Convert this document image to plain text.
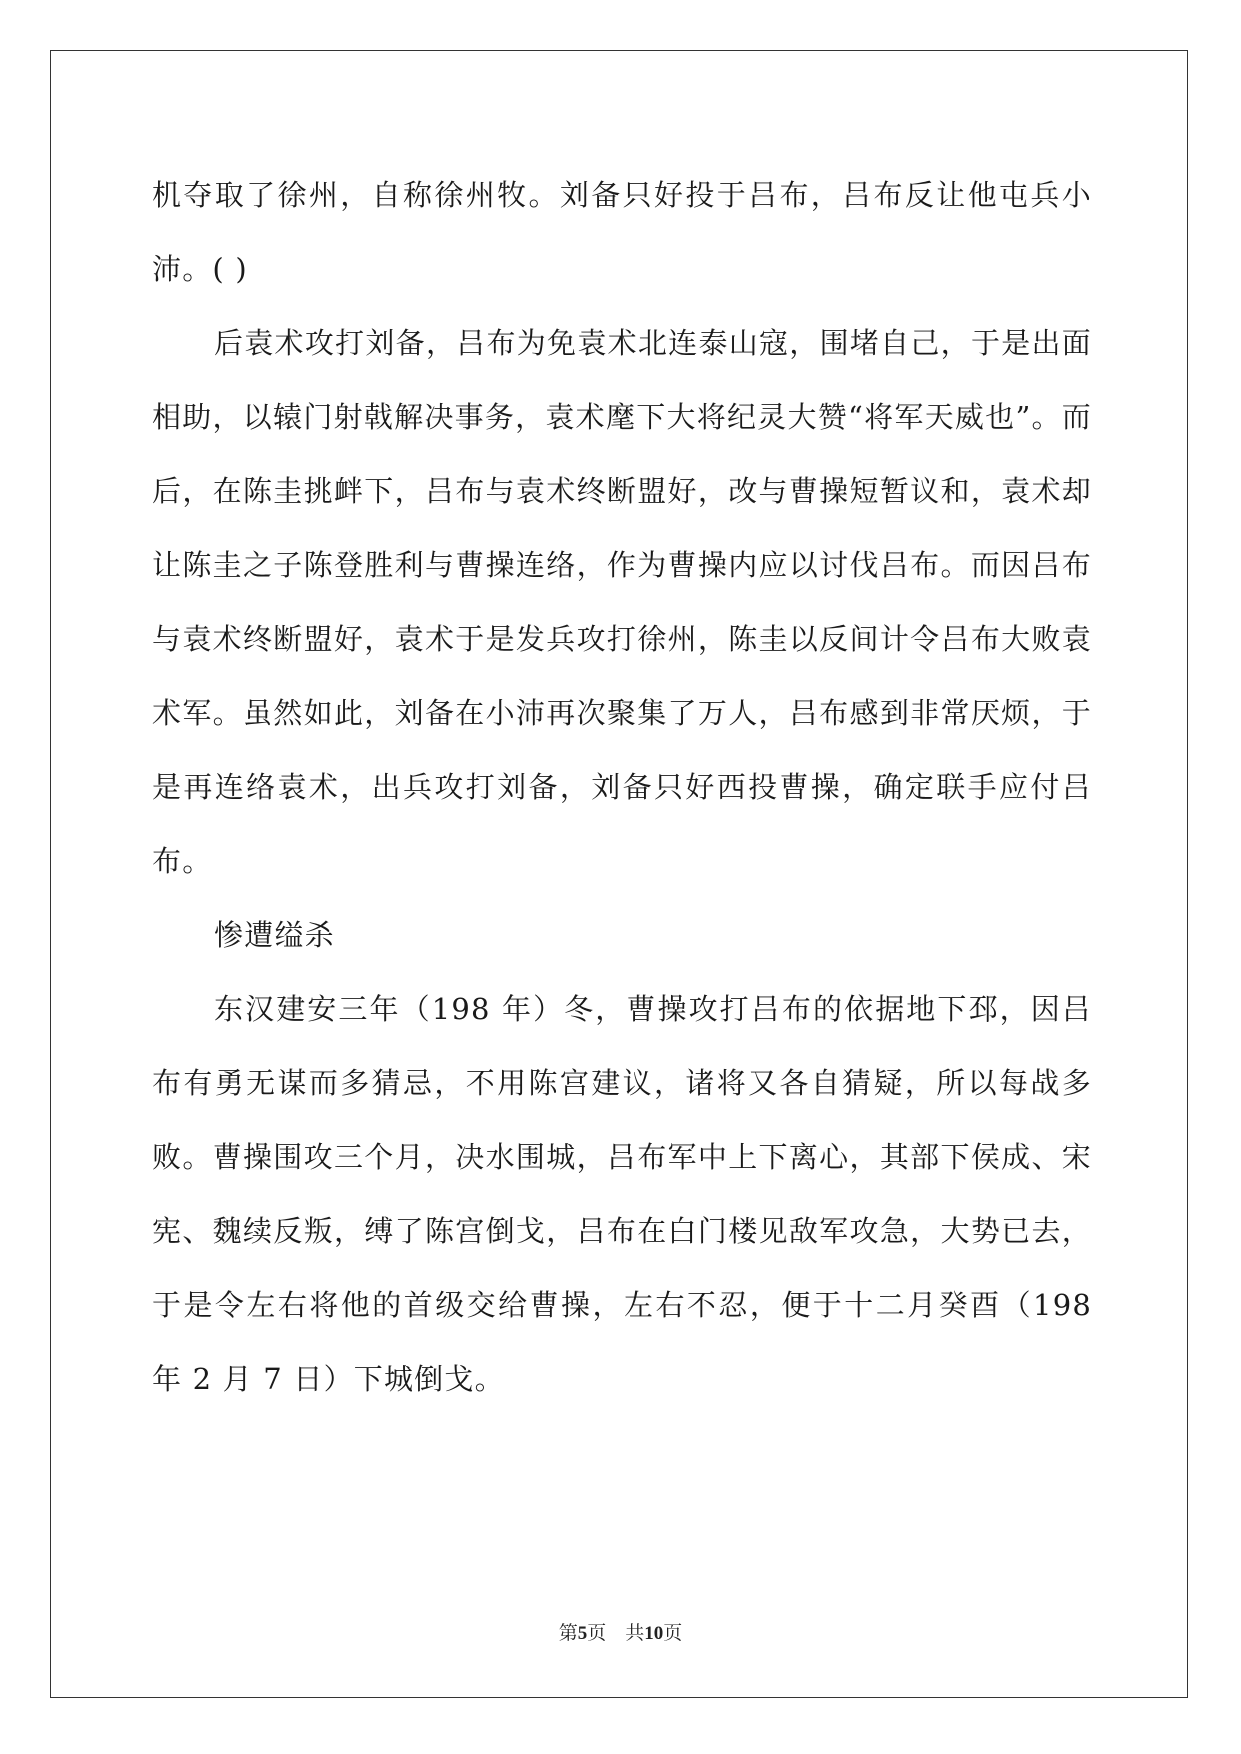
机夺取了徐州，自称徐州牧。刘备只好投于吕布，吕布反让他屯兵小沛。( )

后袁术攻打刘备，吕布为免袁术北连泰山寇，围堵自己，于是出面相助，以辕门射戟解决事务，袁术麾下大将纪灵大赞“将军天威也”。而后，在陈圭挑衅下，吕布与袁术终断盟好，改与曹操短暂议和，袁术却让陈圭之子陈登胜利与曹操连络，作为曹操内应以讨伐吕布。而因吕布与袁术终断盟好，袁术于是发兵攻打徐州，陈圭以反间计令吕布大败袁术军。虽然如此，刘备在小沛再次聚集了万人，吕布感到非常厌烦，于是再连络袁术，出兵攻打刘备，刘备只好西投曹操，确定联手应付吕布。

惨遭缢杀

东汉建安三年（198 年）冬，曹操攻打吕布的依据地下邳，因吕布有勇无谋而多猜忌，不用陈宫建议，诸将又各自猜疑，所以每战多败。曹操围攻三个月，决水围城，吕布军中上下离心，其部下侯成、宋宪、魏续反叛，缚了陈宫倒戈，吕布在白门楼见敌军攻急，大势已去，于是令左右将他的首级交给曹操，左右不忍，便于十二月癸酉（198 年 2 月 7 日）下城倒戈。

第5页　共10页
